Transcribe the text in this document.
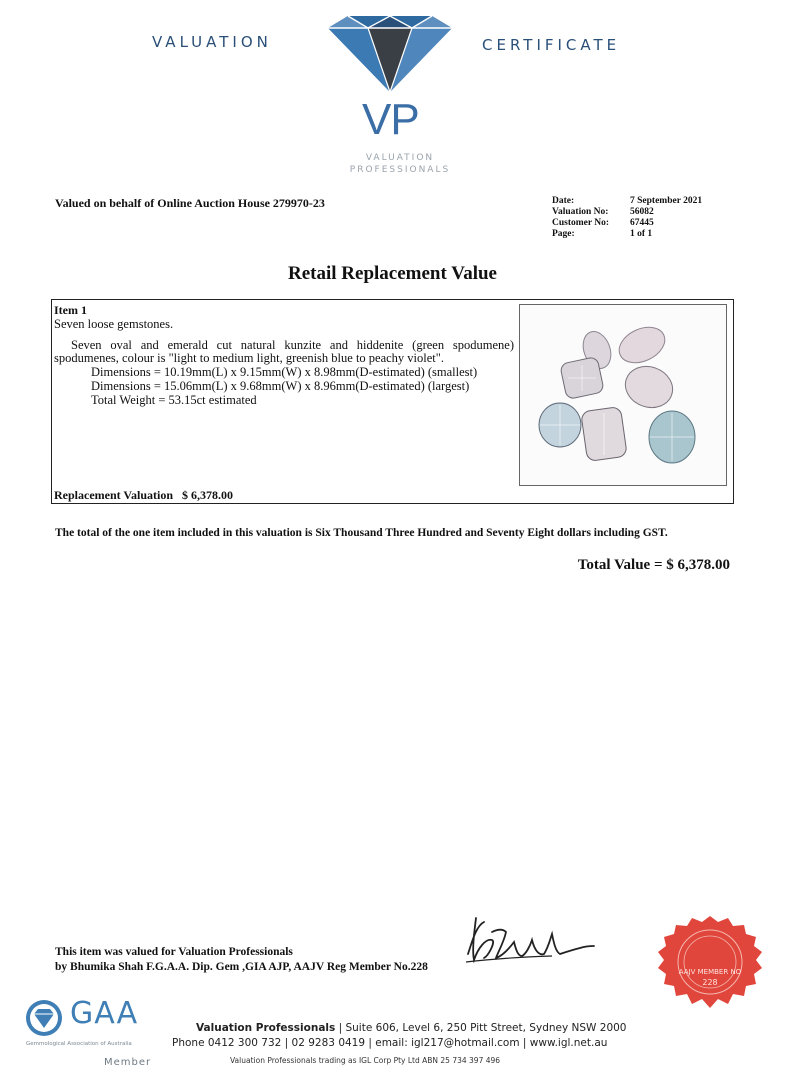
VALUATION	CERTIFICATE
VP
VALUATION
PROFESSIONALS
Valued on behalf of Online Auction House 279970-23	Date:	7 September 2021
Valuation No:	56082
Customer No:	67445
Page:	1 of 1
Retail Replacement Value
Item 1
Seven loose gemstones.
Seven oval and emerald cut natural kunzite and hiddenite (green spodumene)
spodumenes, colour is "light to medium light, greenish blue to peachy violet".
Dimensions = 10.19mm(L) x 9.15mm(W) x 8.98mm(D-estimated) (smallest)
Dimensions = 15.06mm(L) x 9.68mm(W) x 8.96mm(D-estimated) (largest)
Total Weight = 53.15ct estimated
Replacement Valuation $ 6,378.00
The total of the one item included in this valuation is Six Thousand Three Hundred and Seventy Eight dollars including GST.
Total Value = $ 6,378.00
This item was valued for Valuation Professionals
by Bhumika Shah F.G.A.A. Dip. Gem ,GIA AJP, AAJV Reg Member No.228	AAJV MEMBER NO
228
GAA
Gemmological Association of Australia
Member
Valuation Professionals | Suite 606, Level 6, 250 Pitt Street, Sydney NSW 2000
Phone 0412 300 732 | 02 9283 0419 | email: igl217@hotmail.com | www.igl.net.au
Valuation Professionals trading as IGL Corp Pty Ltd ABN 25 734 397 496
